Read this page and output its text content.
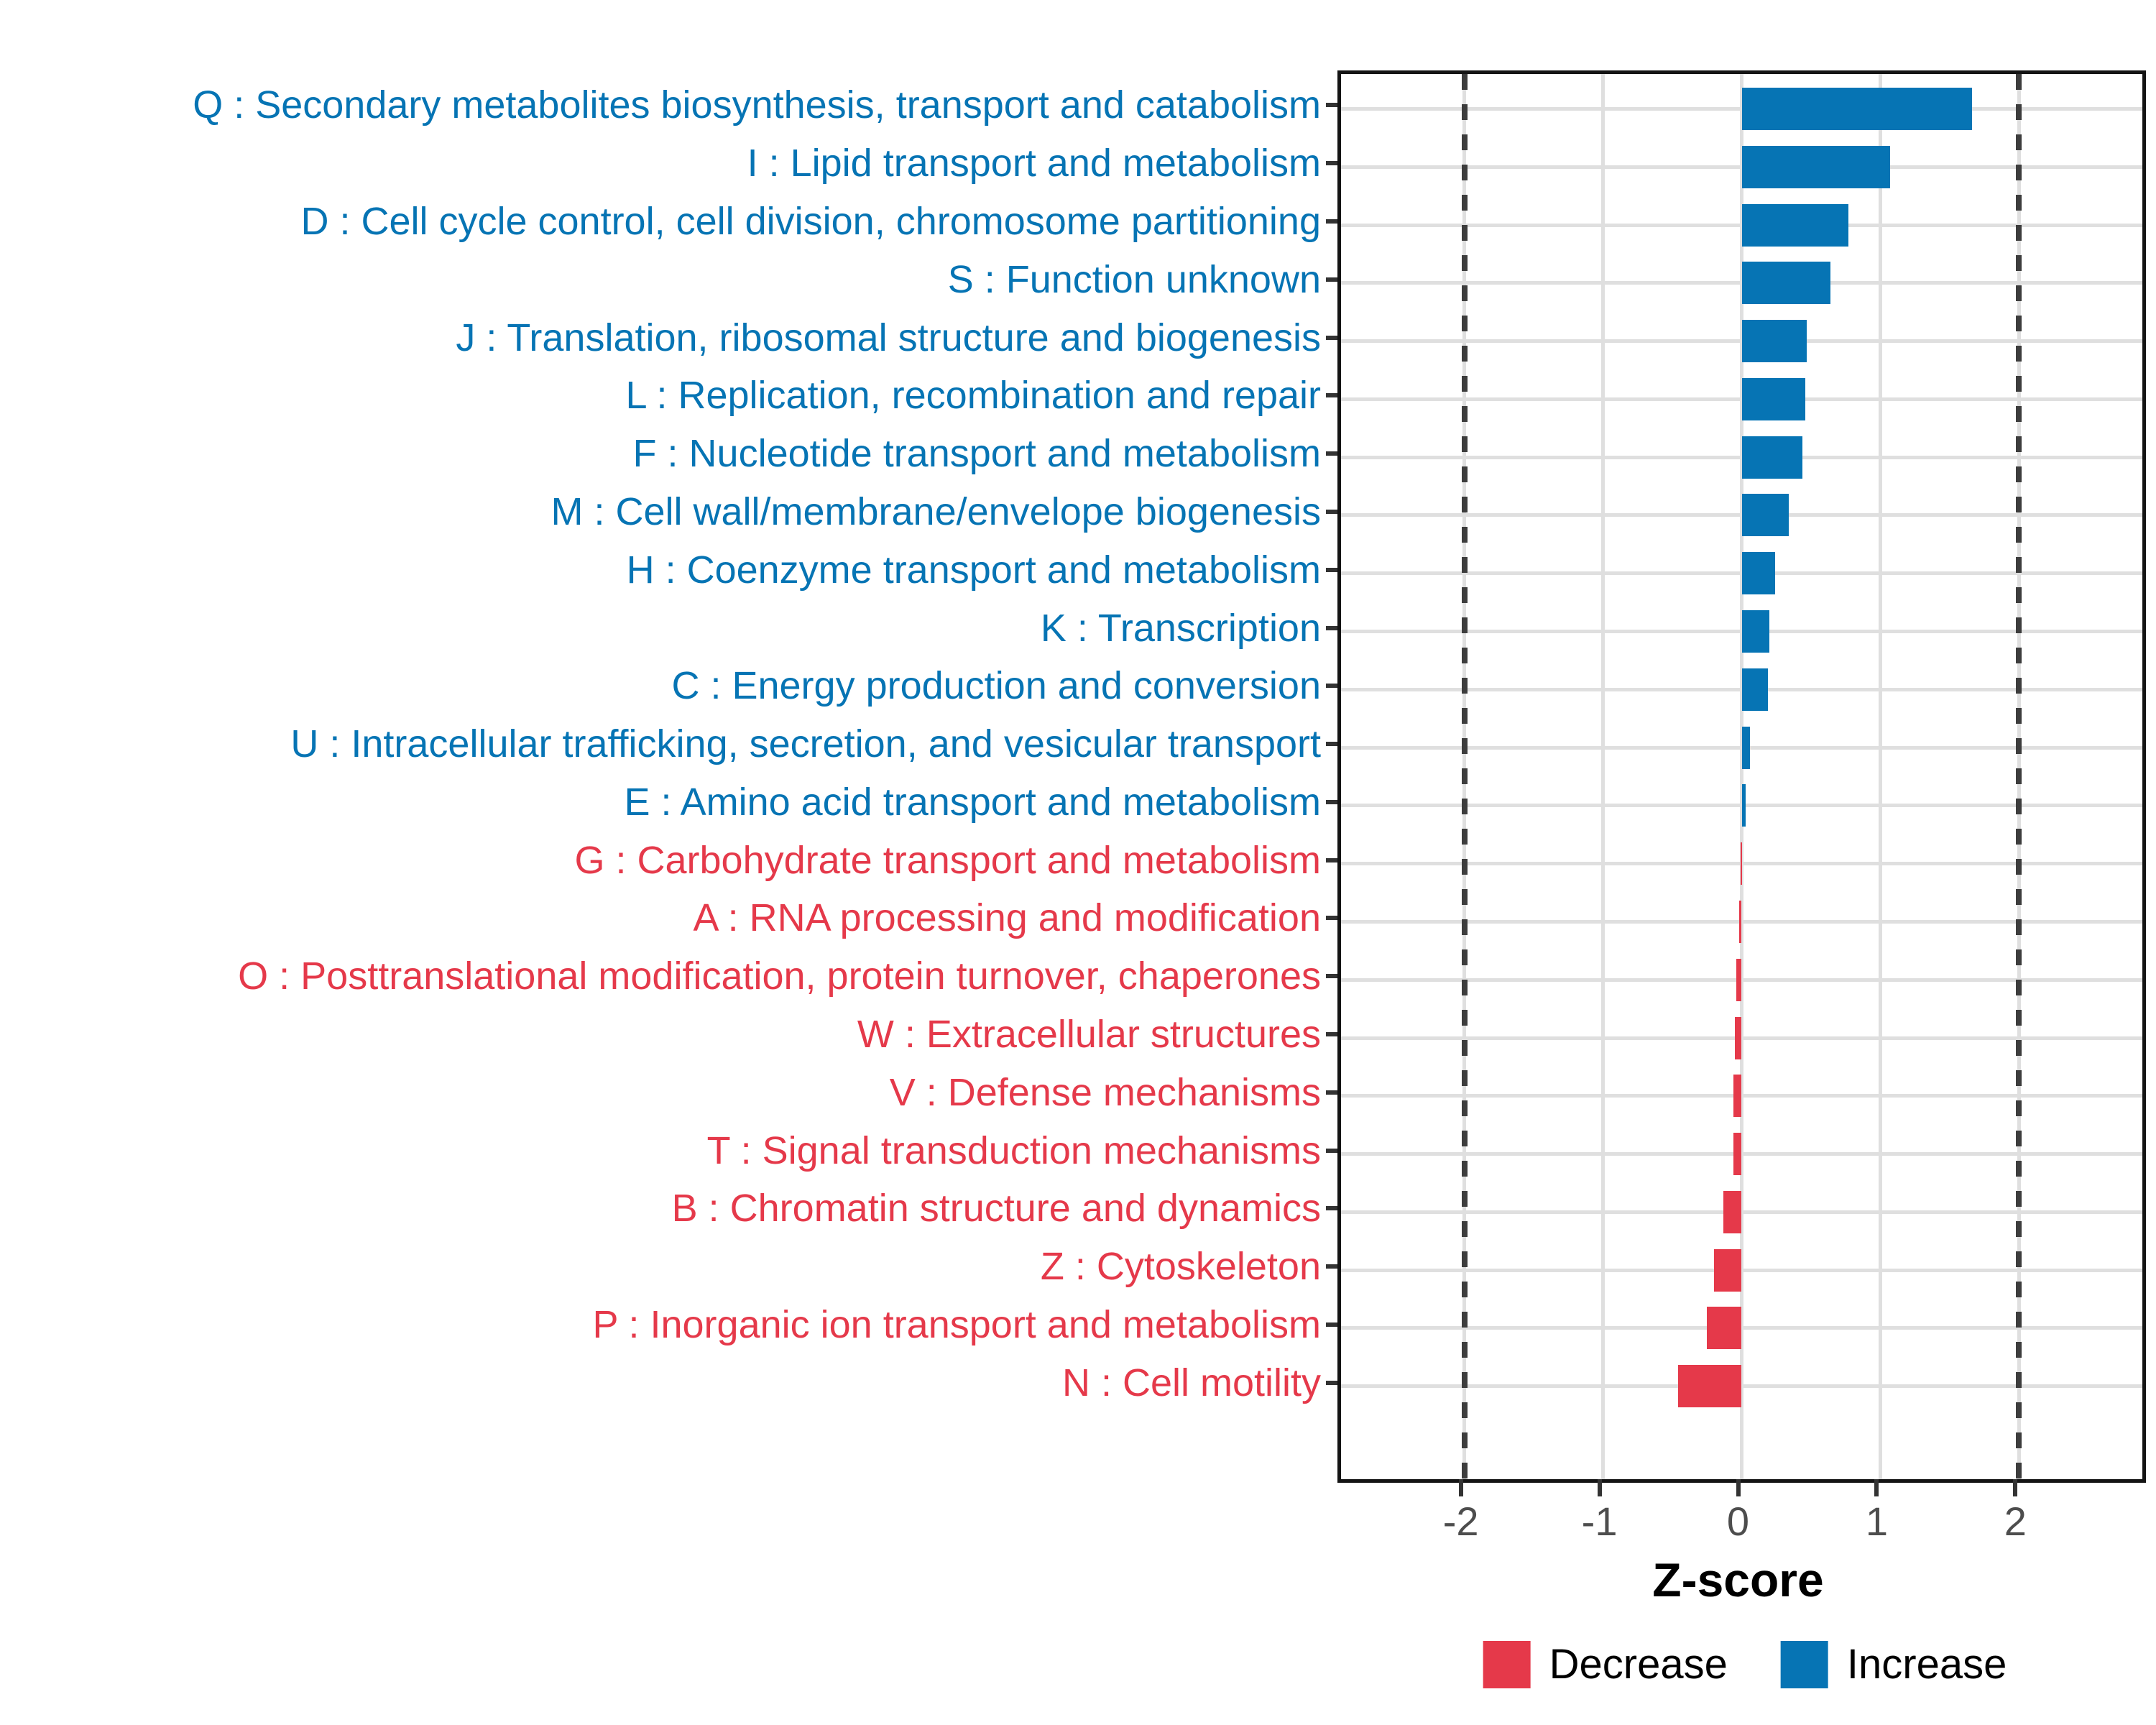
Q : Secondary metabolites biosynthesis, transport and catabolism
I : Lipid transport and metabolism
D : Cell cycle control, cell division, chromosome partitioning
S : Function unknown
J : Translation, ribosomal structure and biogenesis
L : Replication, recombination and repair
F : Nucleotide transport and metabolism
M : Cell wall/membrane/envelope biogenesis
H : Coenzyme transport and metabolism
K : Transcription
C : Energy production and conversion
U : Intracellular trafficking, secretion, and vesicular transport
E : Amino acid transport and metabolism
G : Carbohydrate transport and metabolism
A : RNA processing and modification
O : Posttranslational modification, protein turnover, chaperones
W : Extracellular structures
V : Defense mechanisms
T : Signal transduction mechanisms
B : Chromatin structure and dynamics
Z : Cytoskeleton
P : Inorganic ion transport and metabolism
N : Cell motility
-2	-1	0	1	2
Z-score
Decrease	Increase
